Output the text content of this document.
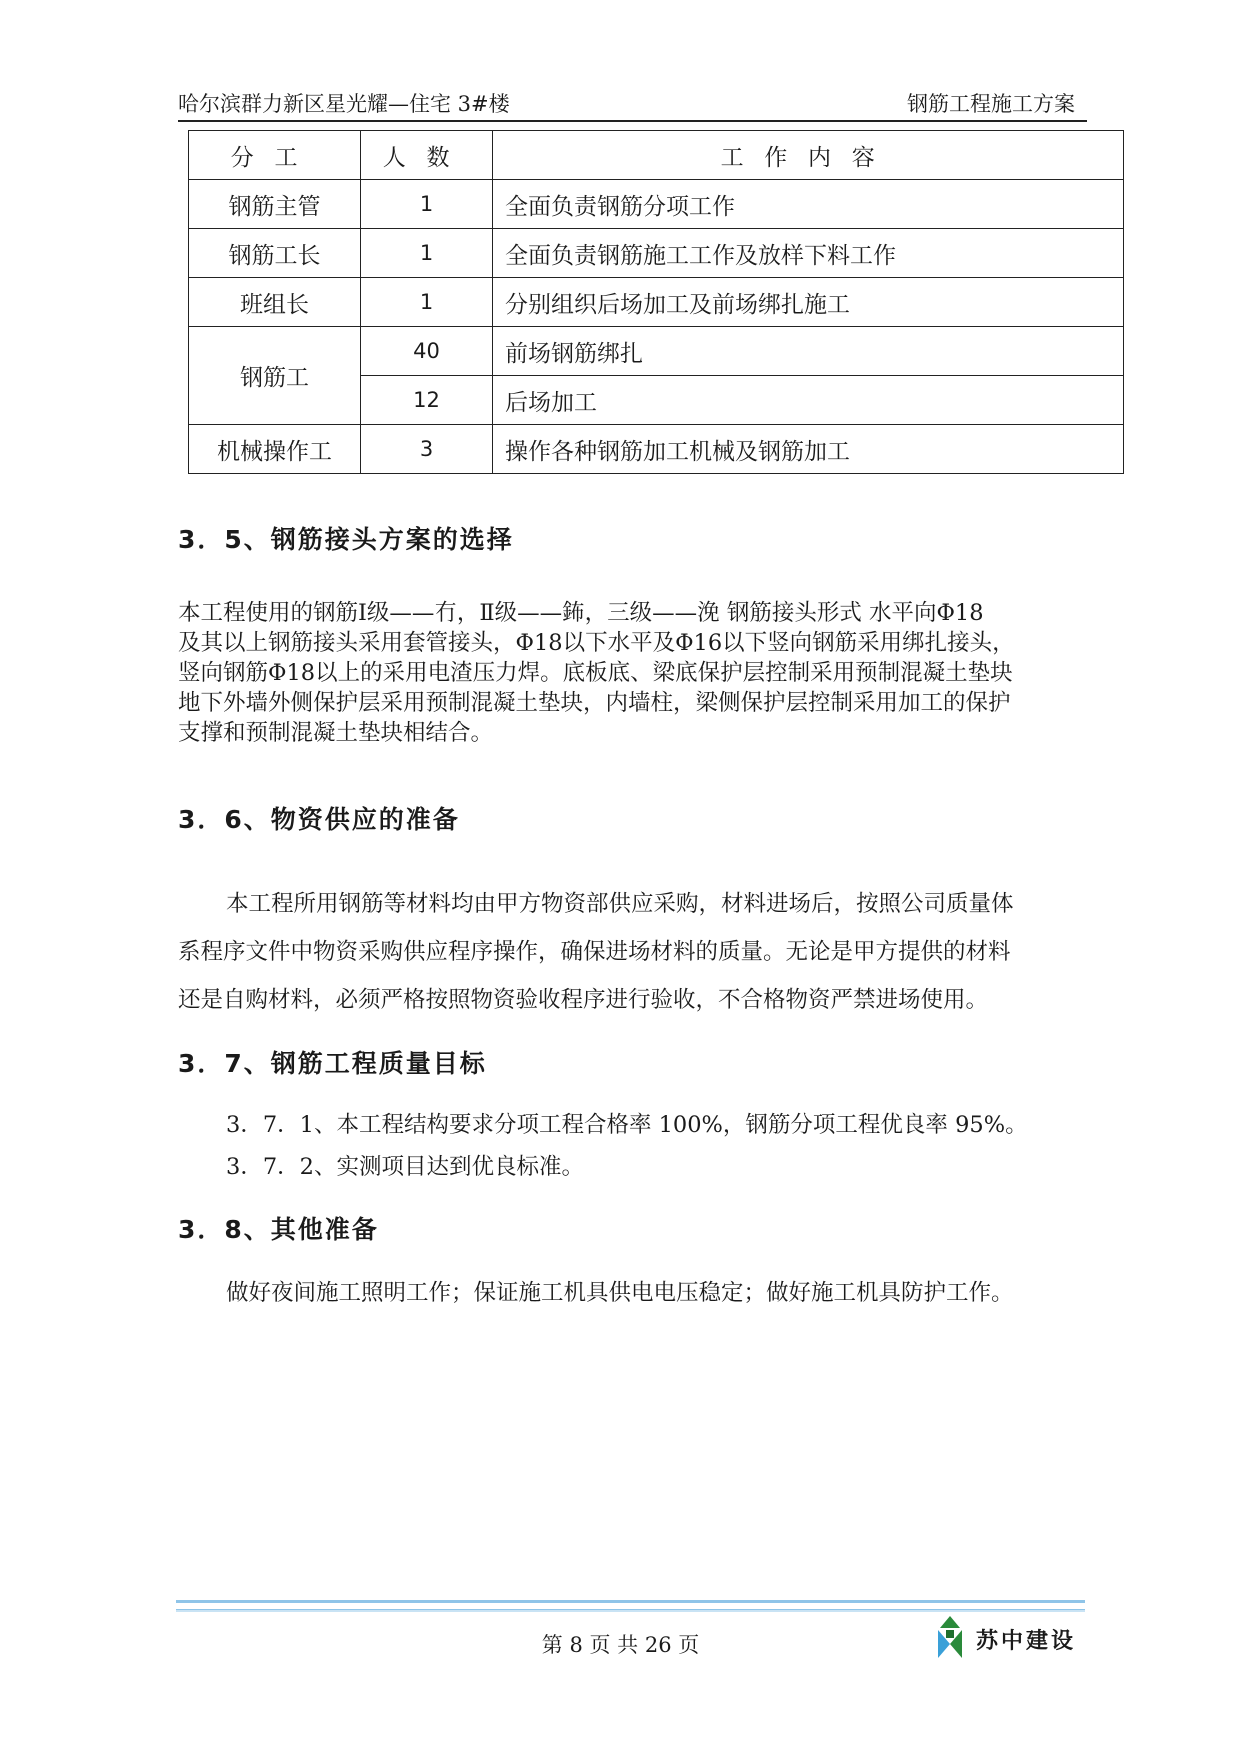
哈尔滨群力新区星光耀—住宅 3#楼	钢筋工程施工方案
分工	人数	工作内容
钢筋主管	1	全面负责钢筋分项工作
钢筋工长	1	全面负责钢筋施工工作及放样下料工作
班组长	1	分别组织后场加工及前场绑扎施工
钢筋工	40	前场钢筋绑扎
	12	后场加工
机械操作工	3	操作各种钢筋加工机械及钢筋加工
3．5、钢筋接头方案的选择
本工程使用的钢筋Ⅰ级——冇，Ⅱ级——鈽，三级——浼 钢筋接头形式 水平向Φ18
及其以上钢筋接头采用套管接头，Φ18以下水平及Φ16以下竖向钢筋采用绑扎接头，
竖向钢筋Φ18以上的采用电渣压力焊。底板底、梁底保护层控制采用预制混凝土垫块
地下外墙外侧保护层采用预制混凝土垫块，内墙柱，梁侧保护层控制采用加工的保护
支撑和预制混凝土垫块相结合。
3．6、物资供应的准备
本工程所用钢筋等材料均由甲方物资部供应采购，材料进场后，按照公司质量体
系程序文件中物资采购供应程序操作，确保进场材料的质量。无论是甲方提供的材料
还是自购材料，必须严格按照物资验收程序进行验收，不合格物资严禁进场使用。
3．7、钢筋工程质量目标
3．7．1、本工程结构要求分项工程合格率 100%，钢筋分项工程优良率 95%。
3．7．2、实测项目达到优良标准。
3．8、其他准备
做好夜间施工照明工作；保证施工机具供电电压稳定；做好施工机具防护工作。
第 8 页 共 26 页	苏中建设
